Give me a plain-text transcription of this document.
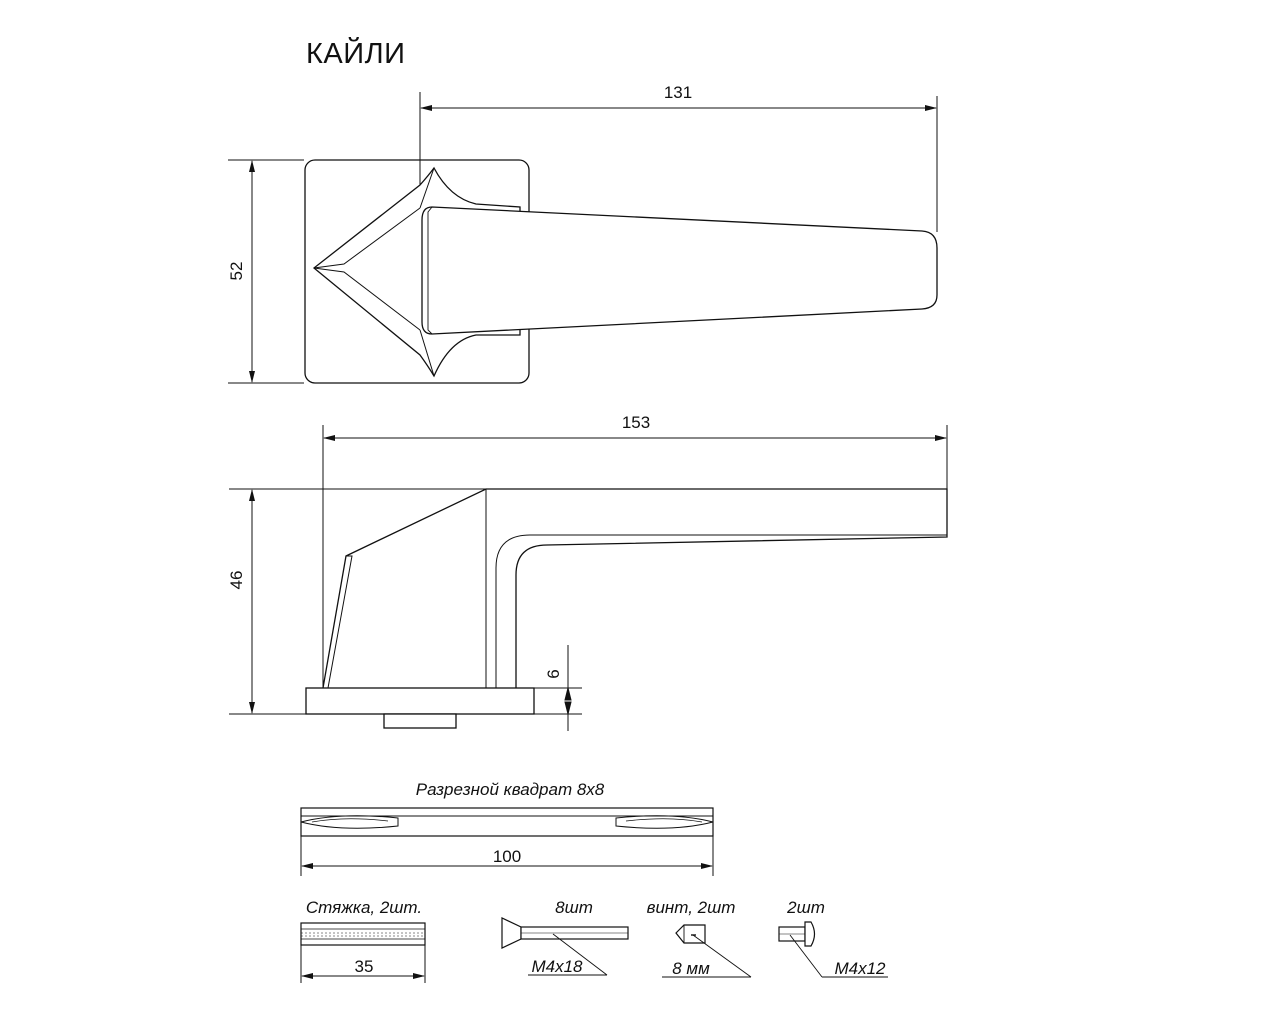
КАЙЛИ
131
52
153
46
6
Разрезной квадрат 8х8
100
Стяжка, 2шт.
35
8шт
М4х18
винт, 2шт
8 мм
2шт
М4х12
